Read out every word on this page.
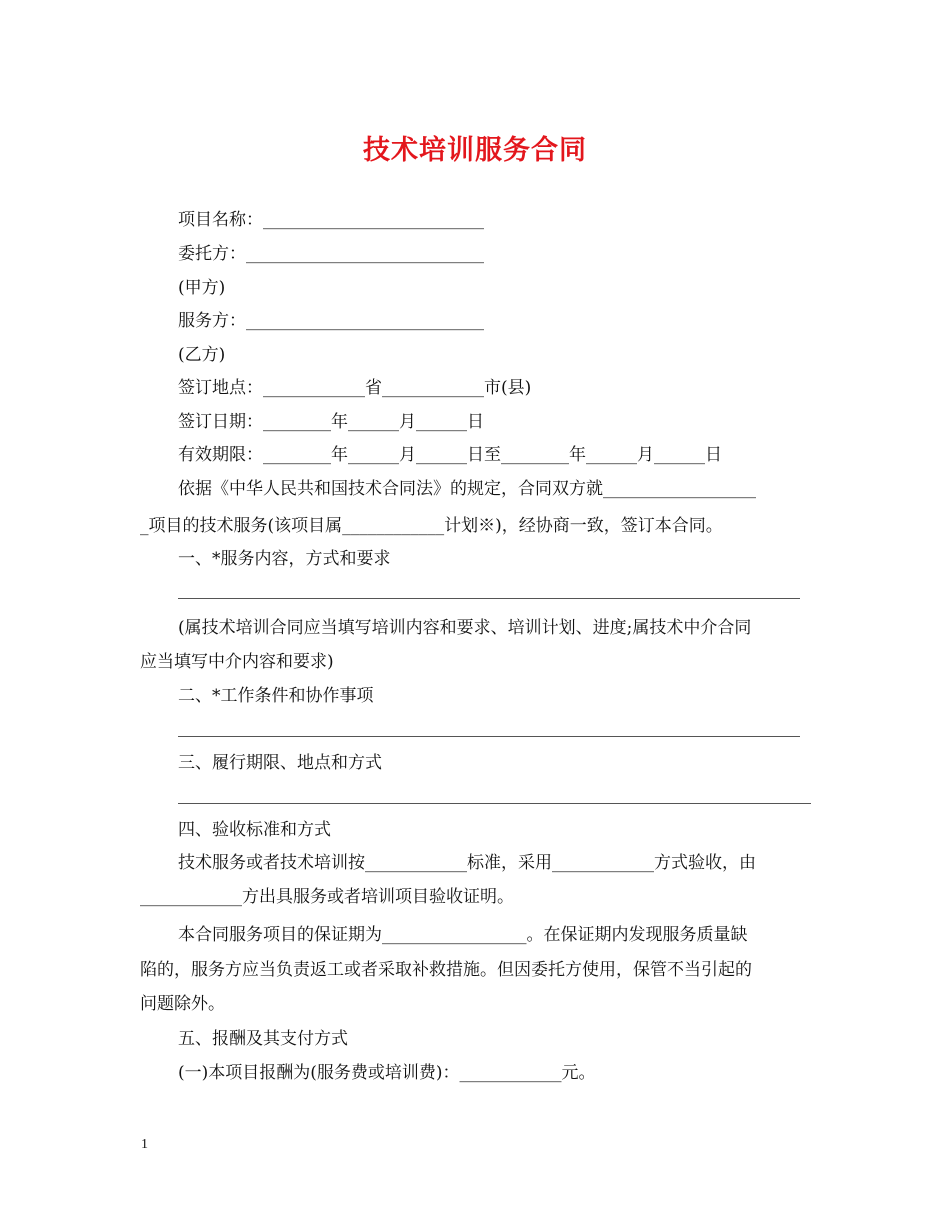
技术培训服务合同
项目名称：__________________________
委托方：____________________________
(甲方)
服务方：____________________________
(乙方)
签订地点：____________省____________市(县)
签订日期：________年______月______日
有效期限：________年______月______日至________年______月______日
依据《中华人民共和国技术合同法》的规定，合同双方就__________________
_项目的技术服务(该项目属____________计划※)，经协商一致，签订本合同。
一、*服务内容，方式和要求
(属技术培训合同应当填写培训内容和要求、培训计划、进度;属技术中介合同
应当填写中介内容和要求)
二、*工作条件和协作事项
三、履行期限、地点和方式
四、验收标准和方式
技术服务或者技术培训按____________标准，采用____________方式验收，由
____________方出具服务或者培训项目验收证明。
本合同服务项目的保证期为_________________。在保证期内发现服务质量缺
陷的，服务方应当负责返工或者采取补救措施。但因委托方使用，保管不当引起的
问题除外。
五、报酬及其支付方式
(一)本项目报酬为(服务费或培训费)：____________元。
1
